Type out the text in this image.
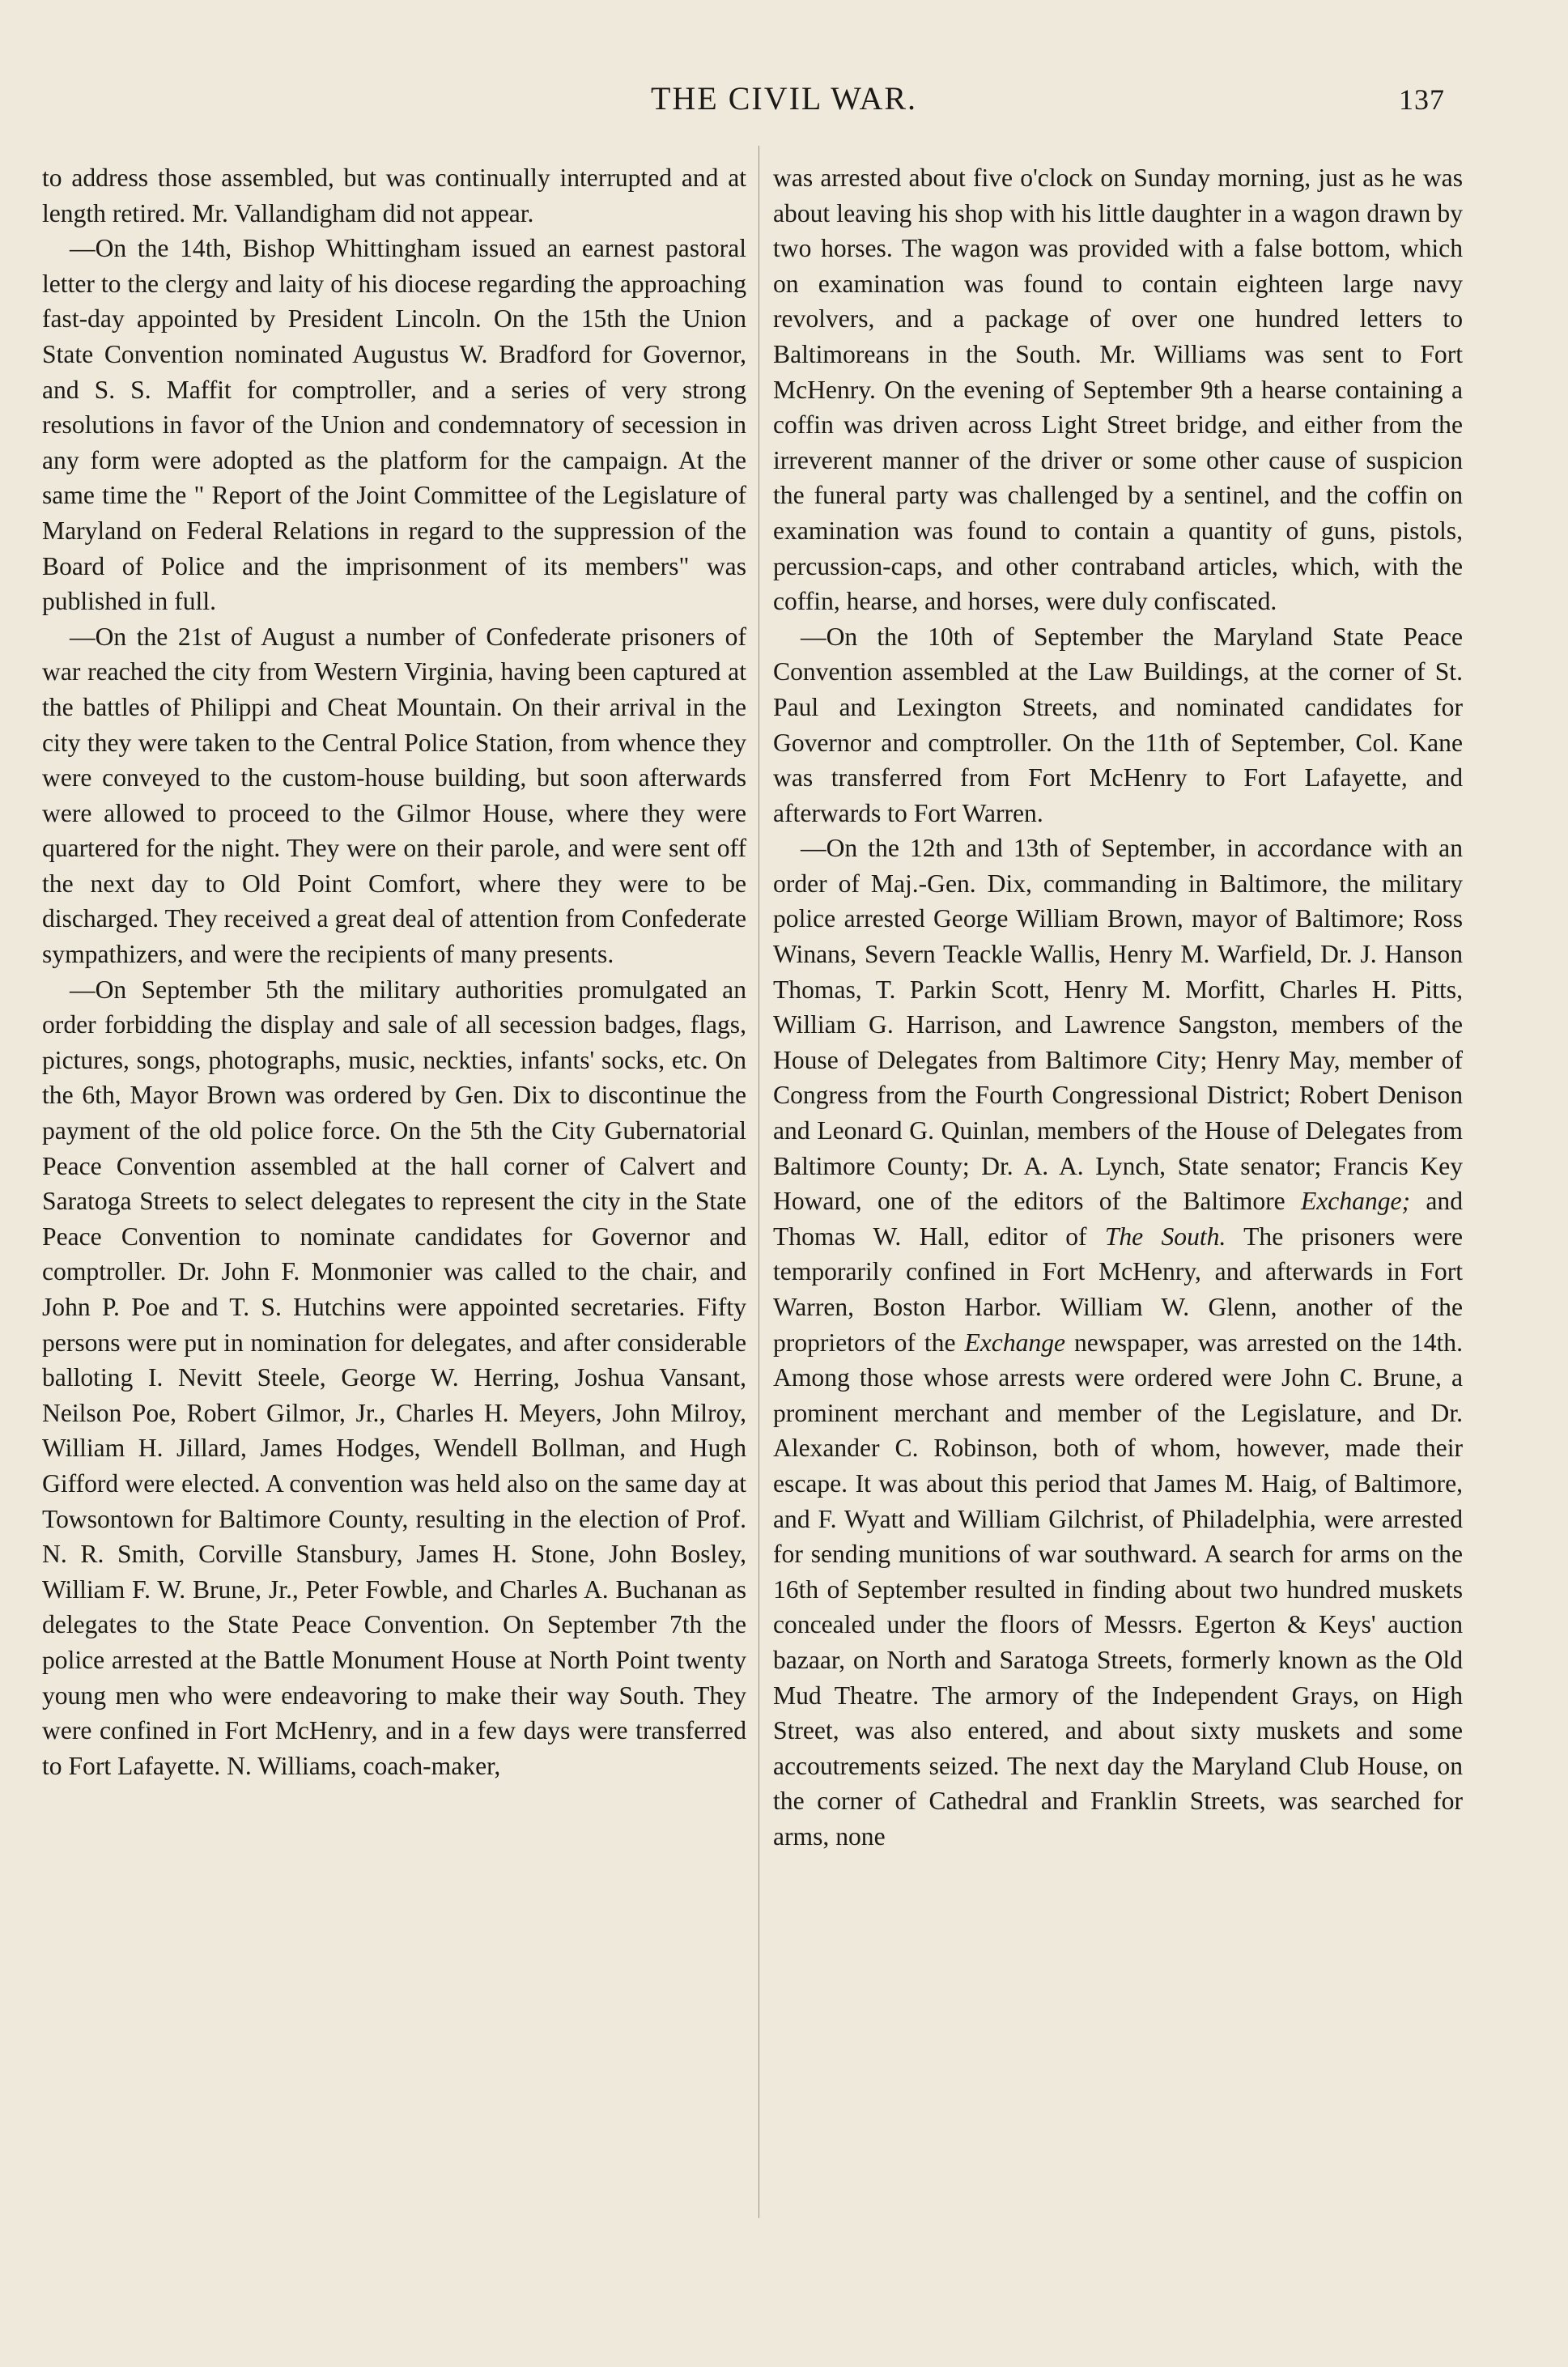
THE CIVIL WAR.	137

to address those assembled, but was continually interrupted and at length retired. Mr. Vallandigham did not appear.

—On the 14th, Bishop Whittingham issued an earnest pastoral letter to the clergy and laity of his diocese regarding the approaching fast-day appointed by President Lincoln. On the 15th the Union State Convention nominated Augustus W. Bradford for Governor, and S. S. Maffit for comptroller, and a series of very strong resolutions in favor of the Union and condemnatory of secession in any form were adopted as the platform for the campaign. At the same time the " Report of the Joint Committee of the Legislature of Maryland on Federal Relations in regard to the suppression of the Board of Police and the imprisonment of its members" was published in full.

—On the 21st of August a number of Confederate prisoners of war reached the city from Western Virginia, having been captured at the battles of Philippi and Cheat Mountain. On their arrival in the city they were taken to the Central Police Station, from whence they were conveyed to the custom-house building, but soon afterwards were allowed to proceed to the Gilmor House, where they were quartered for the night. They were on their parole, and were sent off the next day to Old Point Comfort, where they were to be discharged. They received a great deal of attention from Confederate sympathizers, and were the recipients of many presents.

—On September 5th the military authorities promulgated an order forbidding the display and sale of all secession badges, flags, pictures, songs, photographs, music, neckties, infants' socks, etc. On the 6th, Mayor Brown was ordered by Gen. Dix to discontinue the payment of the old police force. On the 5th the City Gubernatorial Peace Convention assembled at the hall corner of Calvert and Saratoga Streets to select delegates to represent the city in the State Peace Convention to nominate candidates for Governor and comptroller. Dr. John F. Monmonier was called to the chair, and John P. Poe and T. S. Hutchins were appointed secretaries. Fifty persons were put in nomination for delegates, and after considerable balloting I. Nevitt Steele, George W. Herring, Joshua Vansant, Neilson Poe, Robert Gilmor, Jr., Charles H. Meyers, John Milroy, William H. Jillard, James Hodges, Wendell Bollman, and Hugh Gifford were elected. A convention was held also on the same day at Towsontown for Baltimore County, resulting in the election of Prof. N. R. Smith, Corville Stansbury, James H. Stone, John Bosley, William F. W. Brune, Jr., Peter Fowble, and Charles A. Buchanan as delegates to the State Peace Convention. On September 7th the police arrested at the Battle Monument House at North Point twenty young men who were endeavoring to make their way South. They were confined in Fort McHenry, and in a few days were transferred to Fort Lafayette. N. Williams, coach-maker,

was arrested about five o'clock on Sunday morning, just as he was about leaving his shop with his little daughter in a wagon drawn by two horses. The wagon was provided with a false bottom, which on examination was found to contain eighteen large navy revolvers, and a package of over one hundred letters to Baltimoreans in the South. Mr. Williams was sent to Fort McHenry. On the evening of September 9th a hearse containing a coffin was driven across Light Street bridge, and either from the irreverent manner of the driver or some other cause of suspicion the funeral party was challenged by a sentinel, and the coffin on examination was found to contain a quantity of guns, pistols, percussion-caps, and other contraband articles, which, with the coffin, hearse, and horses, were duly confiscated.

—On the 10th of September the Maryland State Peace Convention assembled at the Law Buildings, at the corner of St. Paul and Lexington Streets, and nominated candidates for Governor and comptroller. On the 11th of September, Col. Kane was transferred from Fort McHenry to Fort Lafayette, and afterwards to Fort Warren.

—On the 12th and 13th of September, in accordance with an order of Maj.-Gen. Dix, commanding in Baltimore, the military police arrested George William Brown, mayor of Baltimore; Ross Winans, Severn Teackle Wallis, Henry M. Warfield, Dr. J. Hanson Thomas, T. Parkin Scott, Henry M. Morfitt, Charles H. Pitts, William G. Harrison, and Lawrence Sangston, members of the House of Delegates from Baltimore City; Henry May, member of Congress from the Fourth Congressional District; Robert Denison and Leonard G. Quinlan, members of the House of Delegates from Baltimore County; Dr. A. A. Lynch, State senator; Francis Key Howard, one of the editors of the Baltimore Exchange; and Thomas W. Hall, editor of The South. The prisoners were temporarily confined in Fort McHenry, and afterwards in Fort Warren, Boston Harbor. William W. Glenn, another of the proprietors of the Exchange newspaper, was arrested on the 14th. Among those whose arrests were ordered were John C. Brune, a prominent merchant and member of the Legislature, and Dr. Alexander C. Robinson, both of whom, however, made their escape. It was about this period that James M. Haig, of Baltimore, and F. Wyatt and William Gilchrist, of Philadelphia, were arrested for sending munitions of war southward. A search for arms on the 16th of September resulted in finding about two hundred muskets concealed under the floors of Messrs. Egerton & Keys' auction bazaar, on North and Saratoga Streets, formerly known as the Old Mud Theatre. The armory of the Independent Grays, on High Street, was also entered, and about sixty muskets and some accoutrements seized. The next day the Maryland Club House, on the corner of Cathedral and Franklin Streets, was searched for arms, none
